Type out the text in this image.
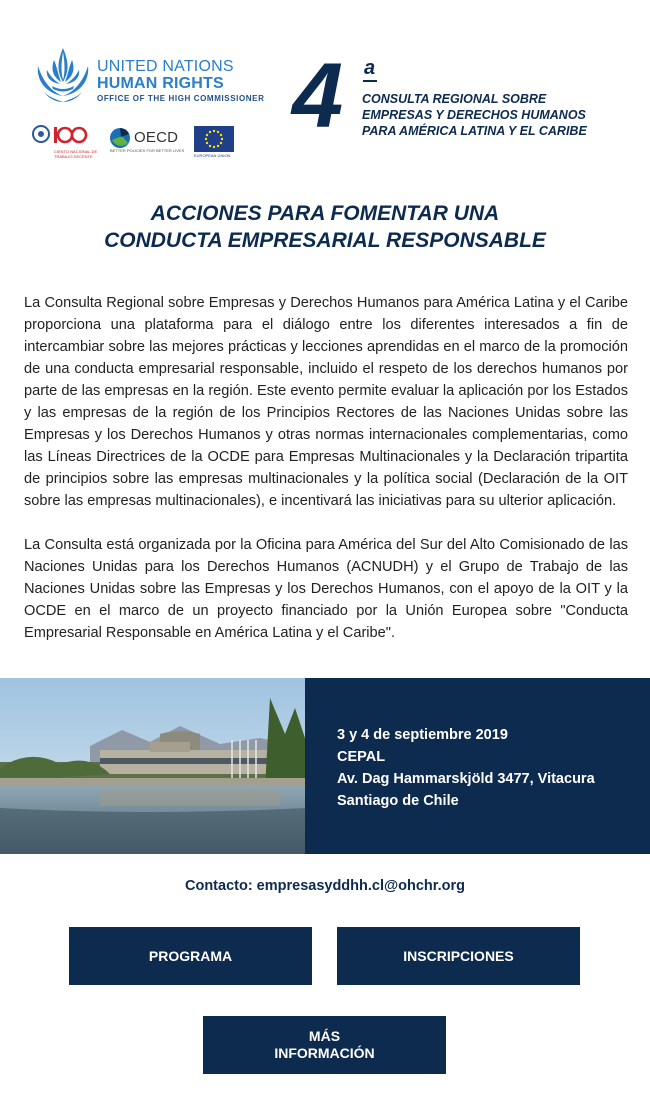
UNITED NATIONS
HUMAN RIGHTS
OFFICE OF THE HIGH COMMISSIONER
CIENTO NACIONAL DE TRABAJO DECENTE
OECD
BETTER POLICIES FOR BETTER LIVES
EUROPEAN UNION
4 a
CONSULTA REGIONAL SOBRE
EMPRESAS Y DERECHOS HUMANOS
PARA AMÉRICA LATINA Y EL CARIBE
ACCIONES PARA FOMENTAR UNA
CONDUCTA EMPRESARIAL RESPONSABLE

La Consulta Regional sobre Empresas y Derechos Humanos para América Latina y el Caribe proporciona una plataforma para el diálogo entre los diferentes interesados a fin de intercambiar sobre las mejores prácticas y lecciones aprendidas en el marco de la promoción de una conducta empresarial responsable, incluido el respeto de los derechos humanos por parte de las empresas en la región. Este evento permite evaluar la aplicación por los Estados y las empresas de la región de los Principios Rectores de las Naciones Unidas sobre las Empresas y los Derechos Humanos y otras normas internacionales complementarias, como las Líneas Directrices de la OCDE para Empresas Multinacionales y la Declaración tripartita de principios sobre las empresas multinacionales y la política social (Declaración de la OIT sobre las empresas multinacionales), e incentivará las iniciativas para su ulterior aplicación.

La Consulta está organizada por la Oficina para América del Sur del Alto Comisionado de las Naciones Unidas para los Derechos Humanos (ACNUDH) y el Grupo de Trabajo de las Naciones Unidas sobre las Empresas y los Derechos Humanos, con el apoyo de la OIT y la OCDE en el marco de un proyecto financiado por la Unión Europea sobre "Conducta Empresarial Responsable en América Latina y el Caribe".

3 y 4 de septiembre 2019
CEPAL
Av. Dag Hammarskjöld 3477, Vitacura
Santiago de Chile
Contacto: empresasyddhh.cl@ohchr.org
PROGRAMA	INSCRIPCIONES
MÁS
INFORMACIÓN
